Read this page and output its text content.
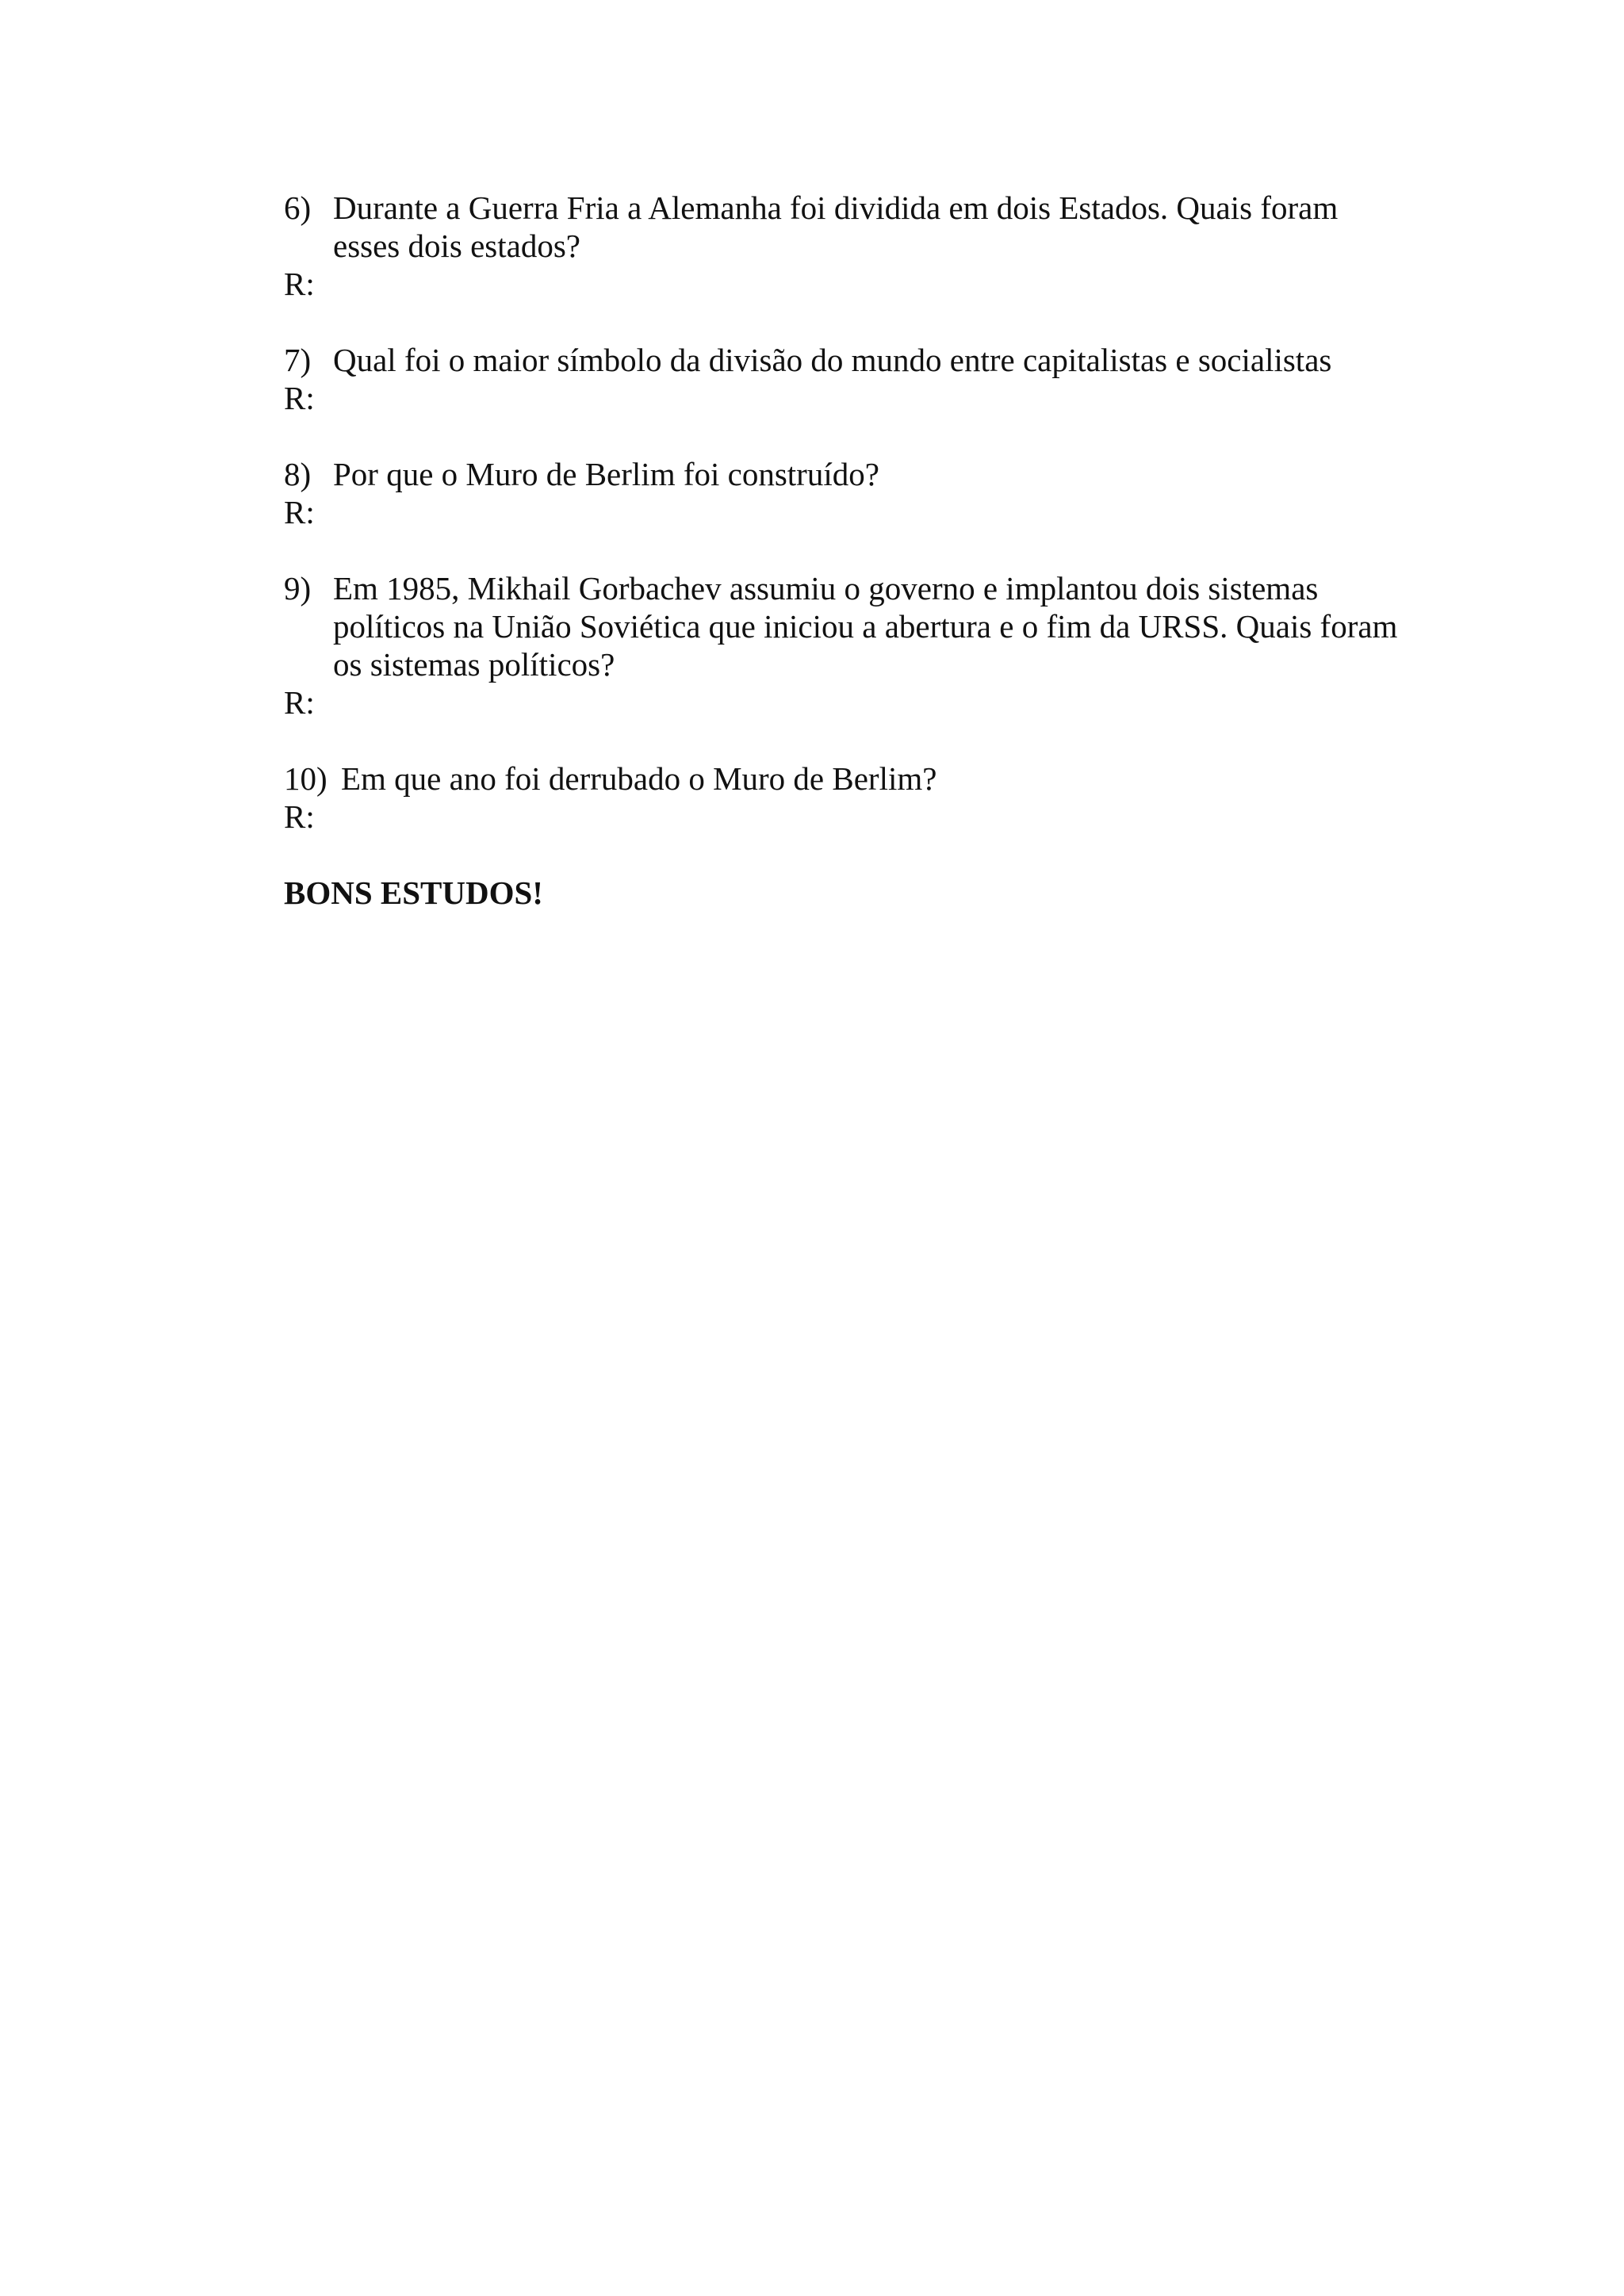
6) Durante a Guerra Fria a Alemanha foi dividida em dois Estados. Quais foram esses dois estados?
R:
7) Qual foi o maior símbolo da divisão do mundo entre capitalistas e socialistas
R:
8) Por que o Muro de Berlim foi construído?
R:
9) Em 1985, Mikhail Gorbachev assumiu o governo e implantou dois sistemas políticos na União Soviética que iniciou a abertura e o fim da URSS. Quais foram os sistemas políticos?
R:
10) Em que ano foi derrubado o Muro de Berlim?
R:
BONS ESTUDOS!
